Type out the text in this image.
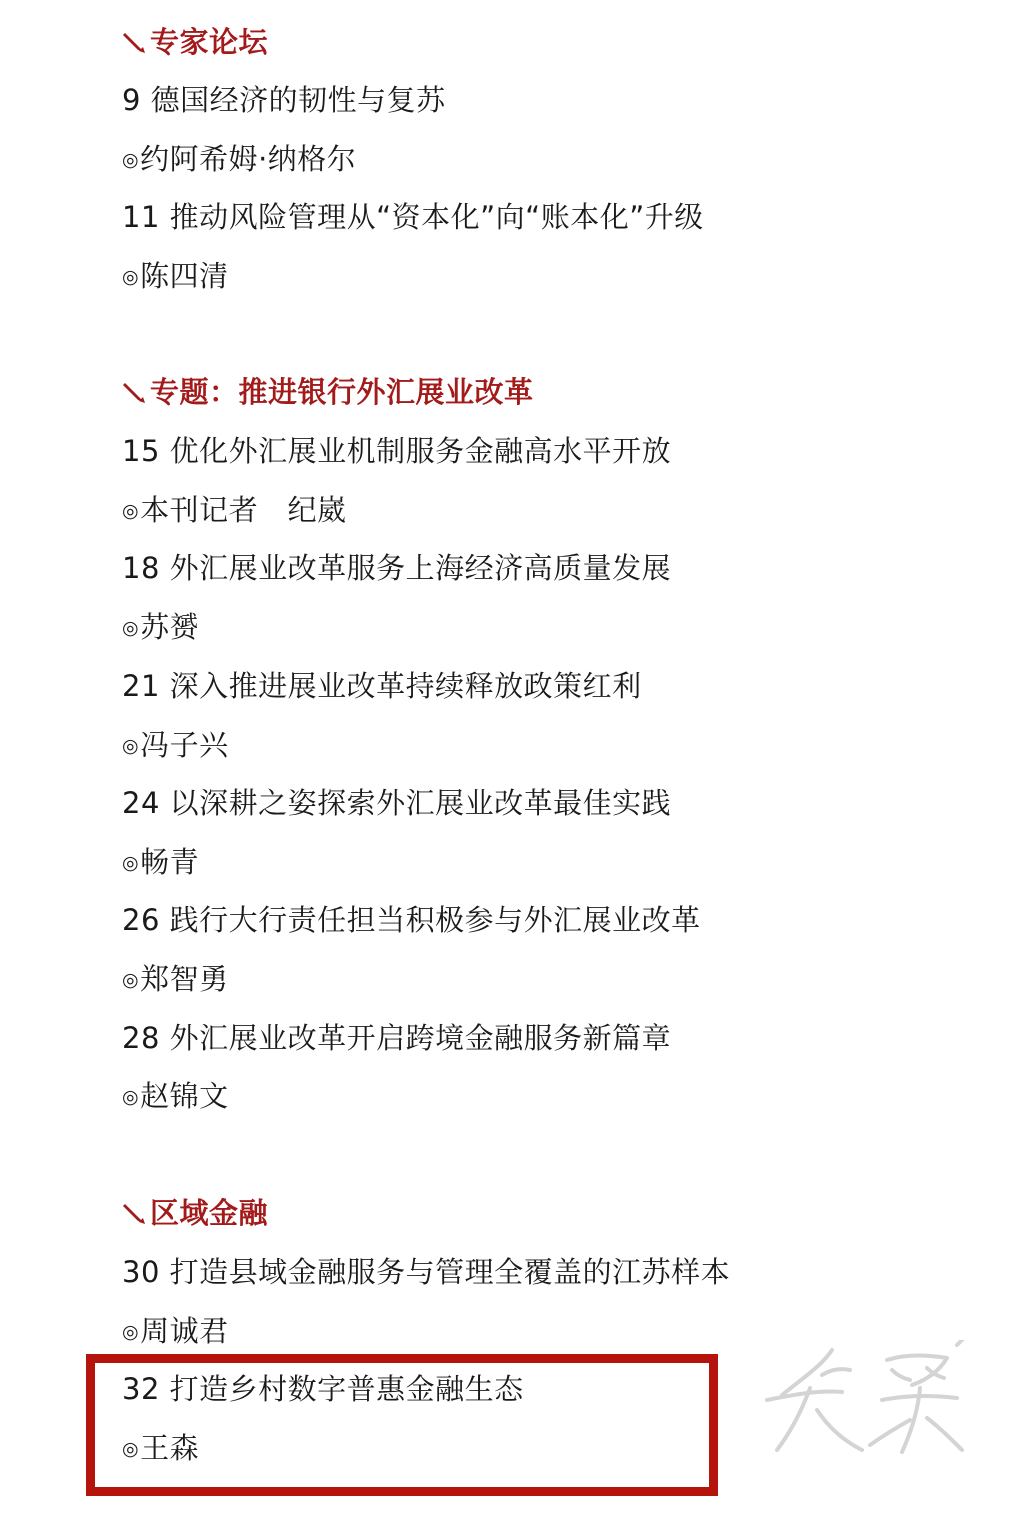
专家论坛
9 德国经济的韧性与复苏
◎约阿希姆·纳格尔
11 推动风险管理从“资本化”向“账本化”升级
◎陈四清
专题：推进银行外汇展业改革
15 优化外汇展业机制服务金融高水平开放
◎本刊记者　纪崴
18 外汇展业改革服务上海经济高质量发展
◎苏赟
21 深入推进展业改革持续释放政策红利
◎冯子兴
24 以深耕之姿探索外汇展业改革最佳实践
◎畅青
26 践行大行责任担当积极参与外汇展业改革
◎郑智勇
28 外汇展业改革开启跨境金融服务新篇章
◎赵锦文
区域金融
30 打造县域金融服务与管理全覆盖的江苏样本
◎周诚君
32 打造乡村数字普惠金融生态
◎王森
